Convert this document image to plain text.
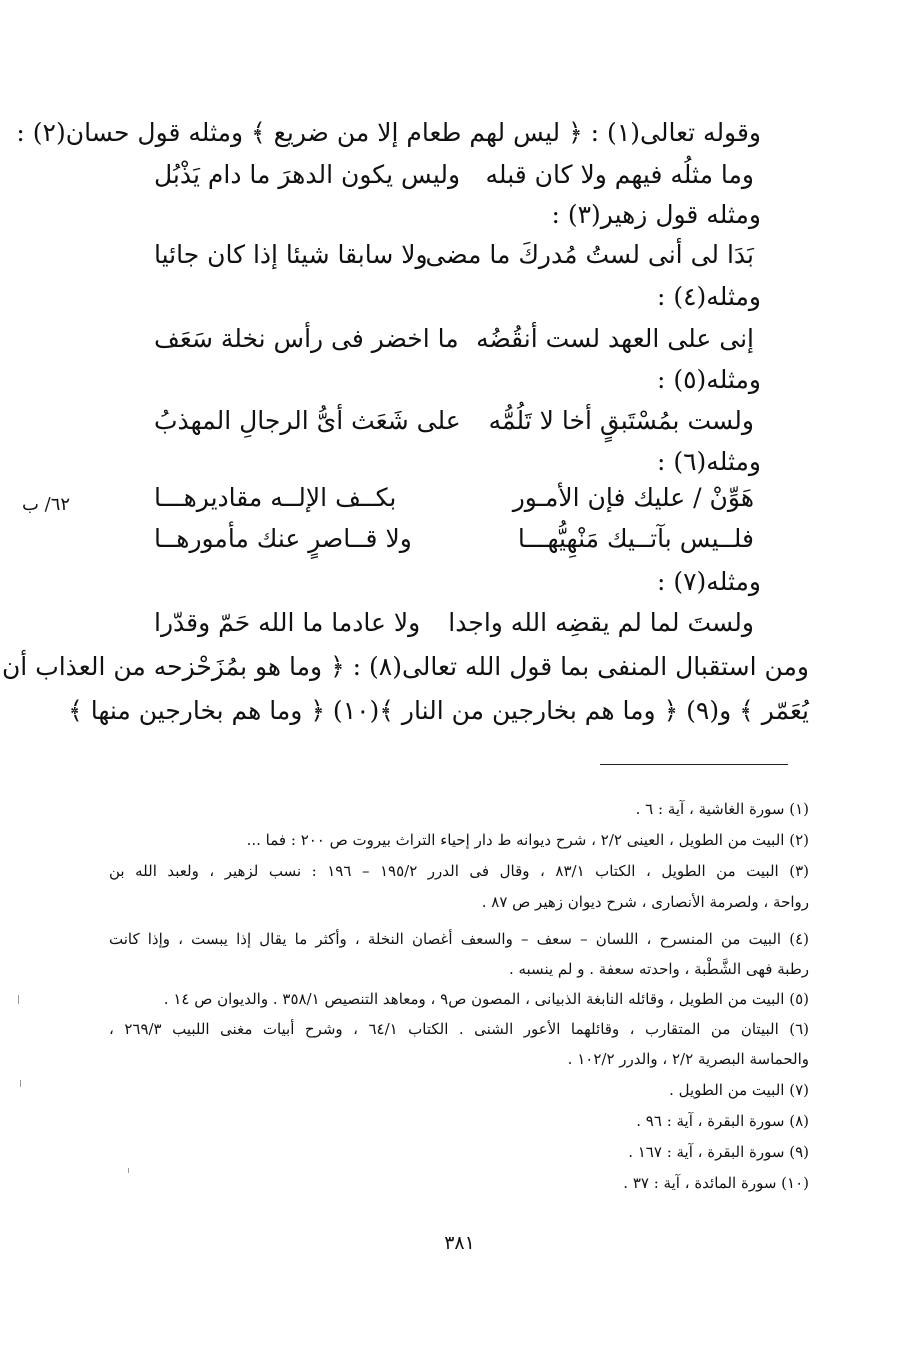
وقوله تعالى(١) : ﴿ ليس لهم طعام إلا من ضريع ﴾ ومثله قول حسان(٢) :
وما مثلُه فيهم ولا كان قبله
وليس يكون الدهرَ ما دام يَذْبُل
ومثله قول زهير(٣) :
بَدَا لى أنى لستُ مُدركَ ما مضى
ولا سابقا شيئا إذا كان جائيا
ومثله(٤) :
إنى على العهد لست أنقُضُه
ما اخضر فى رأس نخلة سَعَف
ومثله(٥) :
ولست بمُسْتَبقٍ أخا لا تَلُمُّه
على شَعَث أىُّ الرجالِ المهذبُ
ومثله(٦) :
هَوِّنْ / عليك فإن الأمـور
بكــف الإلــه مقاديرهـــا
فلــيس بآتــيك مَنْهِيُّهـــا
ولا قــاصرٍ عنك مأمورهــا
ومثله(٧) :
ولستَ لما لم يقضِه الله واجدا
ولا عادما ما الله حَمّ وقدّرا
ومن استقبال المنفى بما قول الله تعالى(٨) : ﴿ وما هو بمُزَحْزحه من العذاب أن
يُعَمّر ﴾ و(٩) ﴿ وما هم بخارجين من النار ﴾(١٠) ﴿ وما هم بخارجين منها ﴾
٦٢/ ب
(١) سورة الغاشية ، آية : ٦ .
(٢) البيت من الطويل ، العينى ٢/٢ ، شرح ديوانه ط دار إحياء التراث بيروت ص ٢٠٠ : فما ...
(٣) البيت من الطويل ، الكتاب ٨٣/١ ، وقال فى الدرر ١٩٥/٢ – ١٩٦ : نسب لزهير ، ولعبد الله بن
رواحة ، ولصرمة الأنصارى ، شرح ديوان زهير ص ٨٧ .
(٤) البيت من المنسرح ، اللسان – سعف – والسعف أغصان النخلة ، وأكثر ما يقال إذا يبست ، وإذا كانت
رطبة فهى الشَّطْبة ، واحدته سعفة . و لم ينسبه .
(٥) البيت من الطويل ، وقائله النابغة الذبيانى ، المصون ص٩ ، ومعاهد التنصيص ٣٥٨/١ . والديوان ص ١٤ .
(٦) البيتان من المتقارب ، وقائلهما الأعور الشنى . الكتاب ٦٤/١ ، وشرح أبيات مغنى اللبيب ٢٦٩/٣ ،
والحماسة البصرية ٢/٢ ، والدرر ١٠٢/٢ .
(٧) البيت من الطويل .
(٨) سورة البقرة ، آية : ٩٦ .
(٩) سورة البقرة ، آية : ١٦٧ .
(١٠) سورة المائدة ، آية : ٣٧ .
٣٨١
